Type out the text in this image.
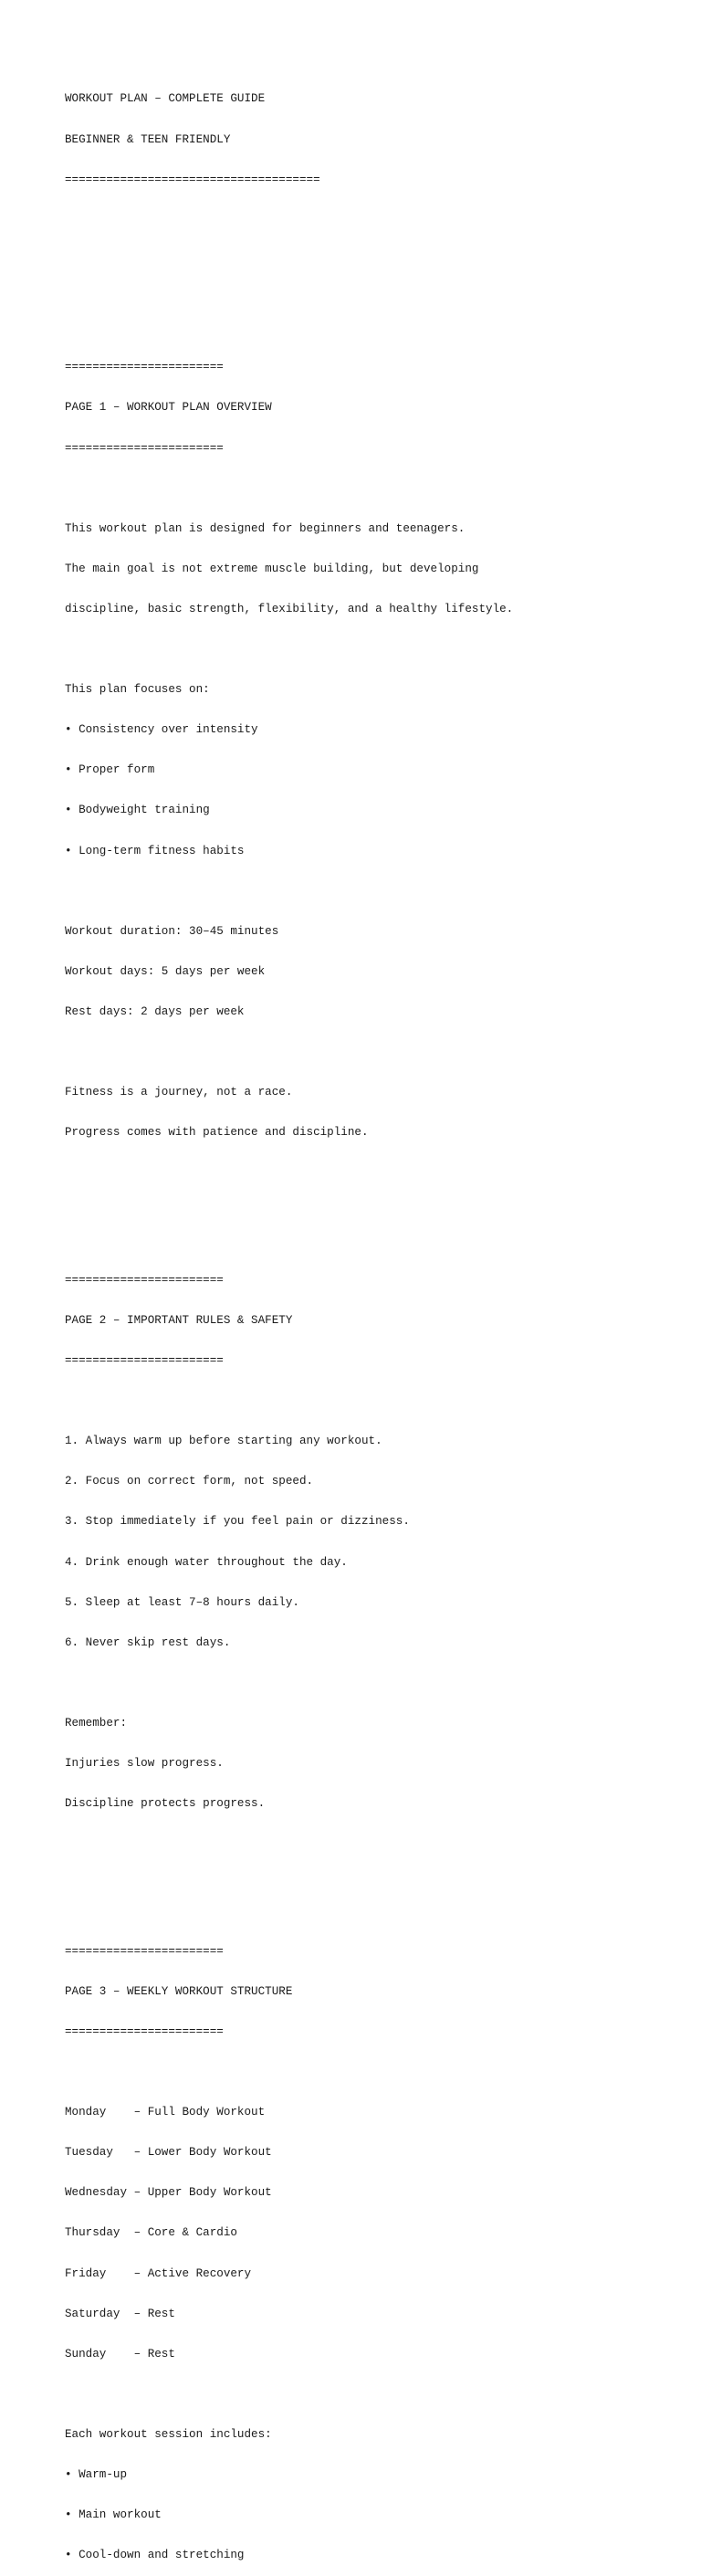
WORKOUT PLAN – COMPLETE GUIDE

BEGINNER & TEEN FRIENDLY

=====================================

=======================

PAGE 1 – WORKOUT PLAN OVERVIEW

=======================

This workout plan is designed for beginners and teenagers.

The main goal is not extreme muscle building, but developing

discipline, basic strength, flexibility, and a healthy lifestyle.

This plan focuses on:

• Consistency over intensity

• Proper form

• Bodyweight training

• Long-term fitness habits

Workout duration: 30–45 minutes

Workout days: 5 days per week

Rest days: 2 days per week

Fitness is a journey, not a race.

Progress comes with patience and discipline.

=======================

PAGE 2 – IMPORTANT RULES & SAFETY

=======================

1. Always warm up before starting any workout.

2. Focus on correct form, not speed.

3. Stop immediately if you feel pain or dizziness.

4. Drink enough water throughout the day.

5. Sleep at least 7–8 hours daily.

6. Never skip rest days.

Remember:

Injuries slow progress.

Discipline protects progress.

=======================

PAGE 3 – WEEKLY WORKOUT STRUCTURE

=======================

Monday    – Full Body Workout

Tuesday   – Lower Body Workout

Wednesday – Upper Body Workout

Thursday  – Core & Cardio

Friday    – Active Recovery

Saturday  – Rest

Sunday    – Rest

Each workout session includes:

• Warm-up

• Main workout

• Cool-down and stretching
